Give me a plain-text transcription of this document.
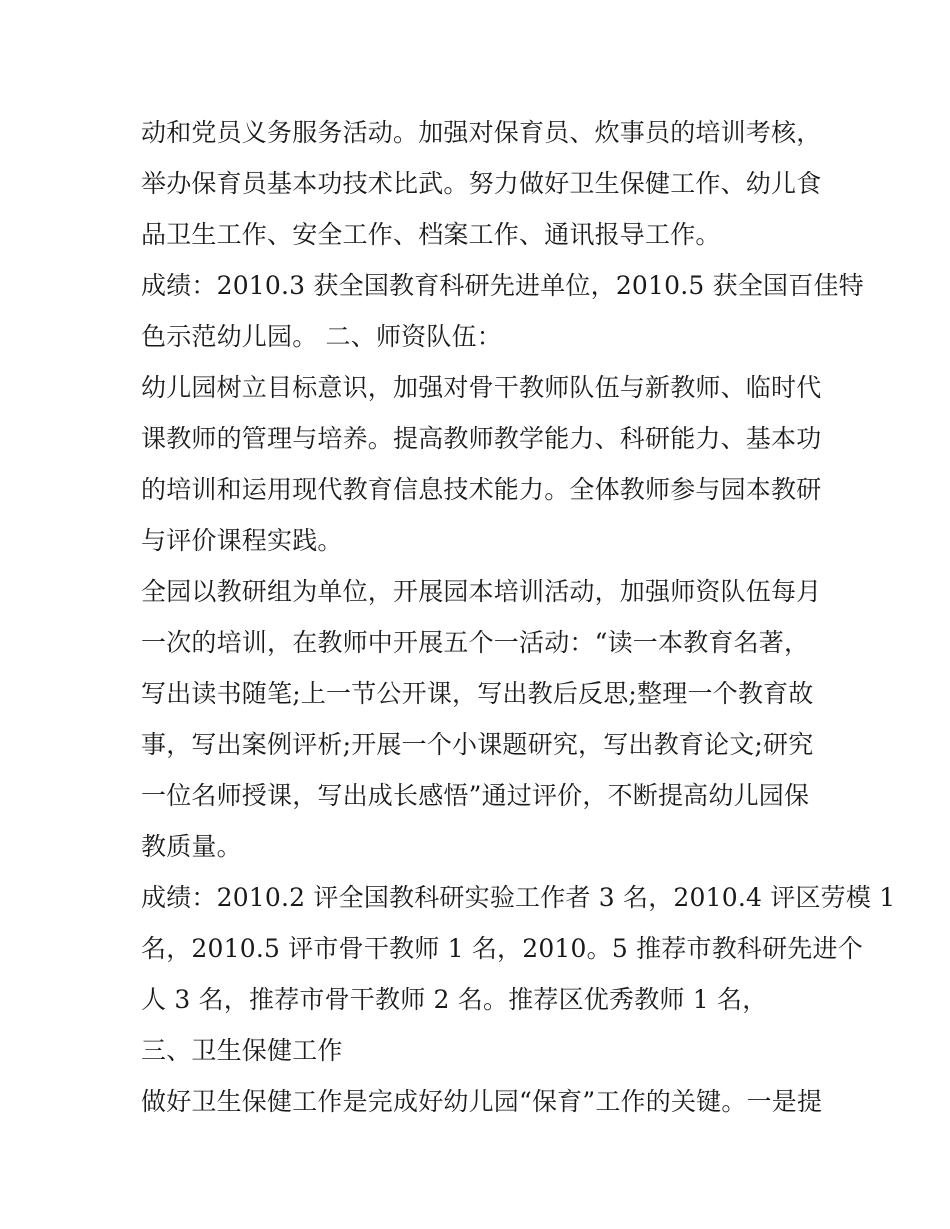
动和党员义务服务活动。加强对保育员、炊事员的培训考核，
举办保育员基本功技术比武。努力做好卫生保健工作、幼儿食
品卫生工作、安全工作、档案工作、通讯报导工作。
成绩：2010.3 获全国教育科研先进单位，2010.5 获全国百佳特
色示范幼儿园。 二、师资队伍：
幼儿园树立目标意识，加强对骨干教师队伍与新教师、临时代
课教师的管理与培养。提高教师教学能力、科研能力、基本功
的培训和运用现代教育信息技术能力。全体教师参与园本教研
与评价课程实践。
全园以教研组为单位，开展园本培训活动，加强师资队伍每月
一次的培训，在教师中开展五个一活动：“读一本教育名著，
写出读书随笔;上一节公开课，写出教后反思;整理一个教育故
事，写出案例评析;开展一个小课题研究，写出教育论文;研究
一位名师授课，写出成长感悟”通过评价，不断提高幼儿园保
教质量。
成绩：2010.2 评全国教科研实验工作者 3 名，2010.4 评区劳模 1
名，2010.5 评市骨干教师 1 名，2010。5 推荐市教科研先进个
人 3 名，推荐市骨干教师 2 名。推荐区优秀教师 1 名，
三、卫生保健工作
做好卫生保健工作是完成好幼儿园“保育”工作的关键。一是提
